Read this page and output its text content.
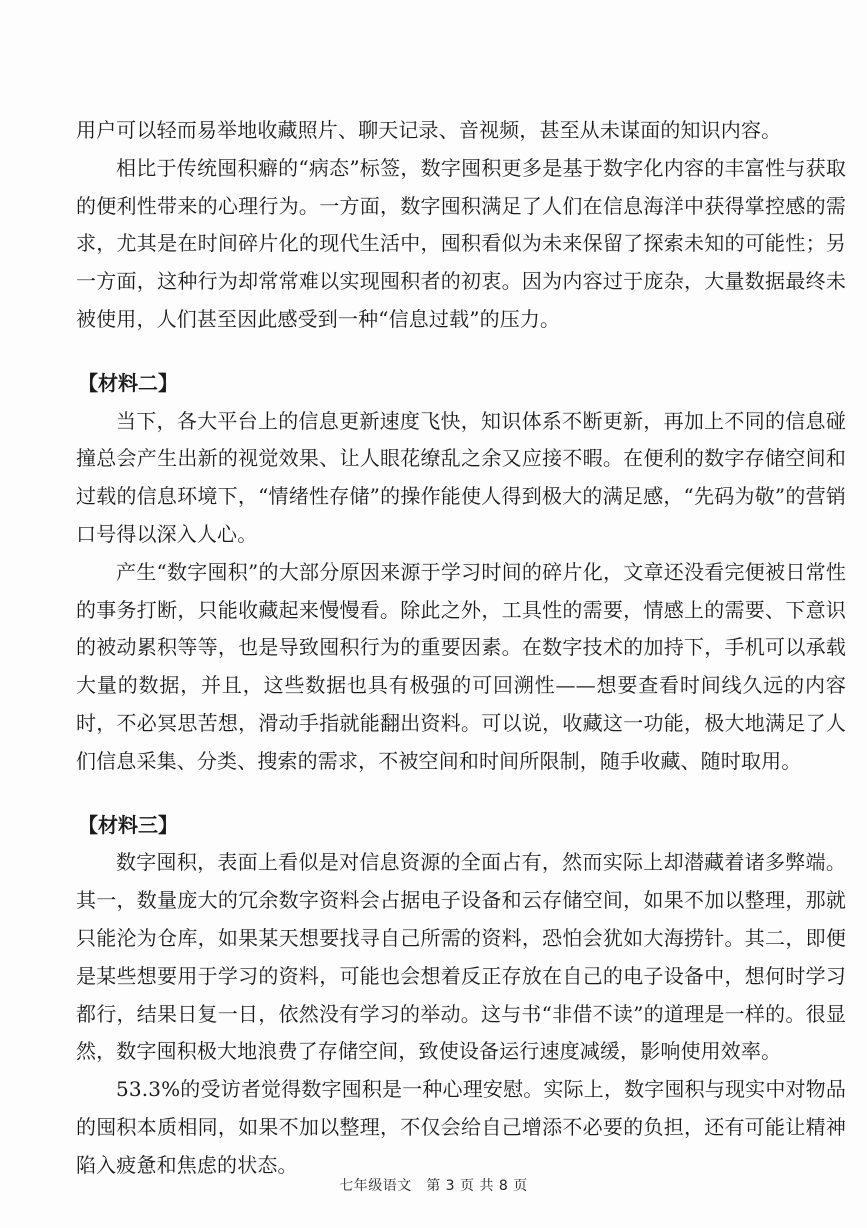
用户可以轻而易举地收藏照片、聊天记录、音视频，甚至从未谋面的知识内容。

相比于传统囤积癖的“病态”标签，数字囤积更多是基于数字化内容的丰富性与获取的便利性带来的心理行为。一方面，数字囤积满足了人们在信息海洋中获得掌控感的需求，尤其是在时间碎片化的现代生活中，囤积看似为未来保留了探索未知的可能性；另一方面，这种行为却常常难以实现囤积者的初衷。因为内容过于庞杂，大量数据最终未被使用，人们甚至因此感受到一种“信息过载”的压力。

【材料二】

当下，各大平台上的信息更新速度飞快，知识体系不断更新，再加上不同的信息碰撞总会产生出新的视觉效果、让人眼花缭乱之余又应接不暇。在便利的数字存储空间和过载的信息环境下，“情绪性存储”的操作能使人得到极大的满足感，“先码为敬”的营销口号得以深入人心。

产生“数字囤积”的大部分原因来源于学习时间的碎片化，文章还没看完便被日常性的事务打断，只能收藏起来慢慢看。除此之外，工具性的需要，情感上的需要、下意识的被动累积等等，也是导致囤积行为的重要因素。在数字技术的加持下，手机可以承载大量的数据，并且，这些数据也具有极强的可回溯性——想要查看时间线久远的内容时，不必冥思苦想，滑动手指就能翻出资料。可以说，收藏这一功能，极大地满足了人们信息采集、分类、搜索的需求，不被空间和时间所限制，随手收藏、随时取用。

【材料三】

数字囤积，表面上看似是对信息资源的全面占有，然而实际上却潜藏着诸多弊端。其一，数量庞大的冗余数字资料会占据电子设备和云存储空间，如果不加以整理，那就只能沦为仓库，如果某天想要找寻自己所需的资料，恐怕会犹如大海捞针。其二，即便是某些想要用于学习的资料，可能也会想着反正存放在自己的电子设备中，想何时学习都行，结果日复一日，依然没有学习的举动。这与书“非借不读”的道理是一样的。很显然，数字囤积极大地浪费了存储空间，致使设备运行速度减缓，影响使用效率。

53.3%的受访者觉得数字囤积是一种心理安慰。实际上，数字囤积与现实中对物品的囤积本质相同，如果不加以整理，不仅会给自己增添不必要的负担，还有可能让精神陷入疲惫和焦虑的状态。

七年级语文　第 3 页 共 8 页
